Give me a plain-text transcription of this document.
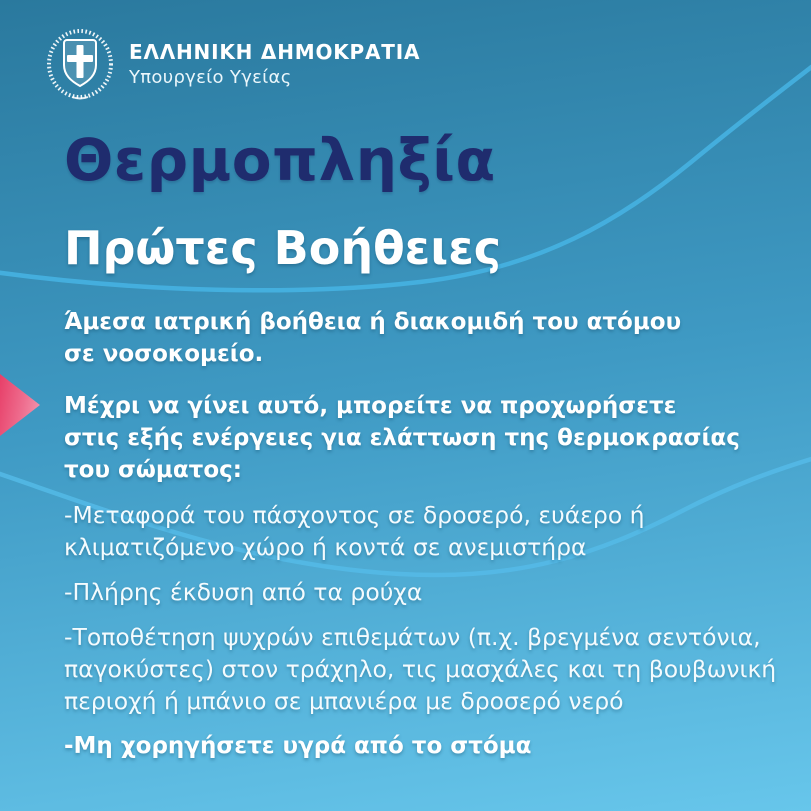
ΕΛΛΗΝΙΚΗ ΔΗΜΟΚΡΑΤΙΑ
Υπουργείο Υγείας
Θερμοπληξία
Πρώτες Βοήθειες

Άμεσα ιατρική βοήθεια ή διακομιδή του ατόμου
σε νοσοκομείο.

Μέχρι να γίνει αυτό, μπορείτε να προχωρήσετε
στις εξής ενέργειες για ελάττωση της θερμοκρασίας
του σώματος:

-Μεταφορά του πάσχοντος σε δροσερό, ευάερο ή
κλιματιζόμενο χώρο ή κοντά σε ανεμιστήρα

-Πλήρης έκδυση από τα ρούχα

-Τοποθέτηση ψυχρών επιθεμάτων (π.χ. βρεγμένα σεντόνια,
παγοκύστες) στον τράχηλο, τις μασχάλες και τη βουβωνική
περιοχή ή μπάνιο σε μπανιέρα με δροσερό νερό

-Μη χορηγήσετε υγρά από το στόμα
